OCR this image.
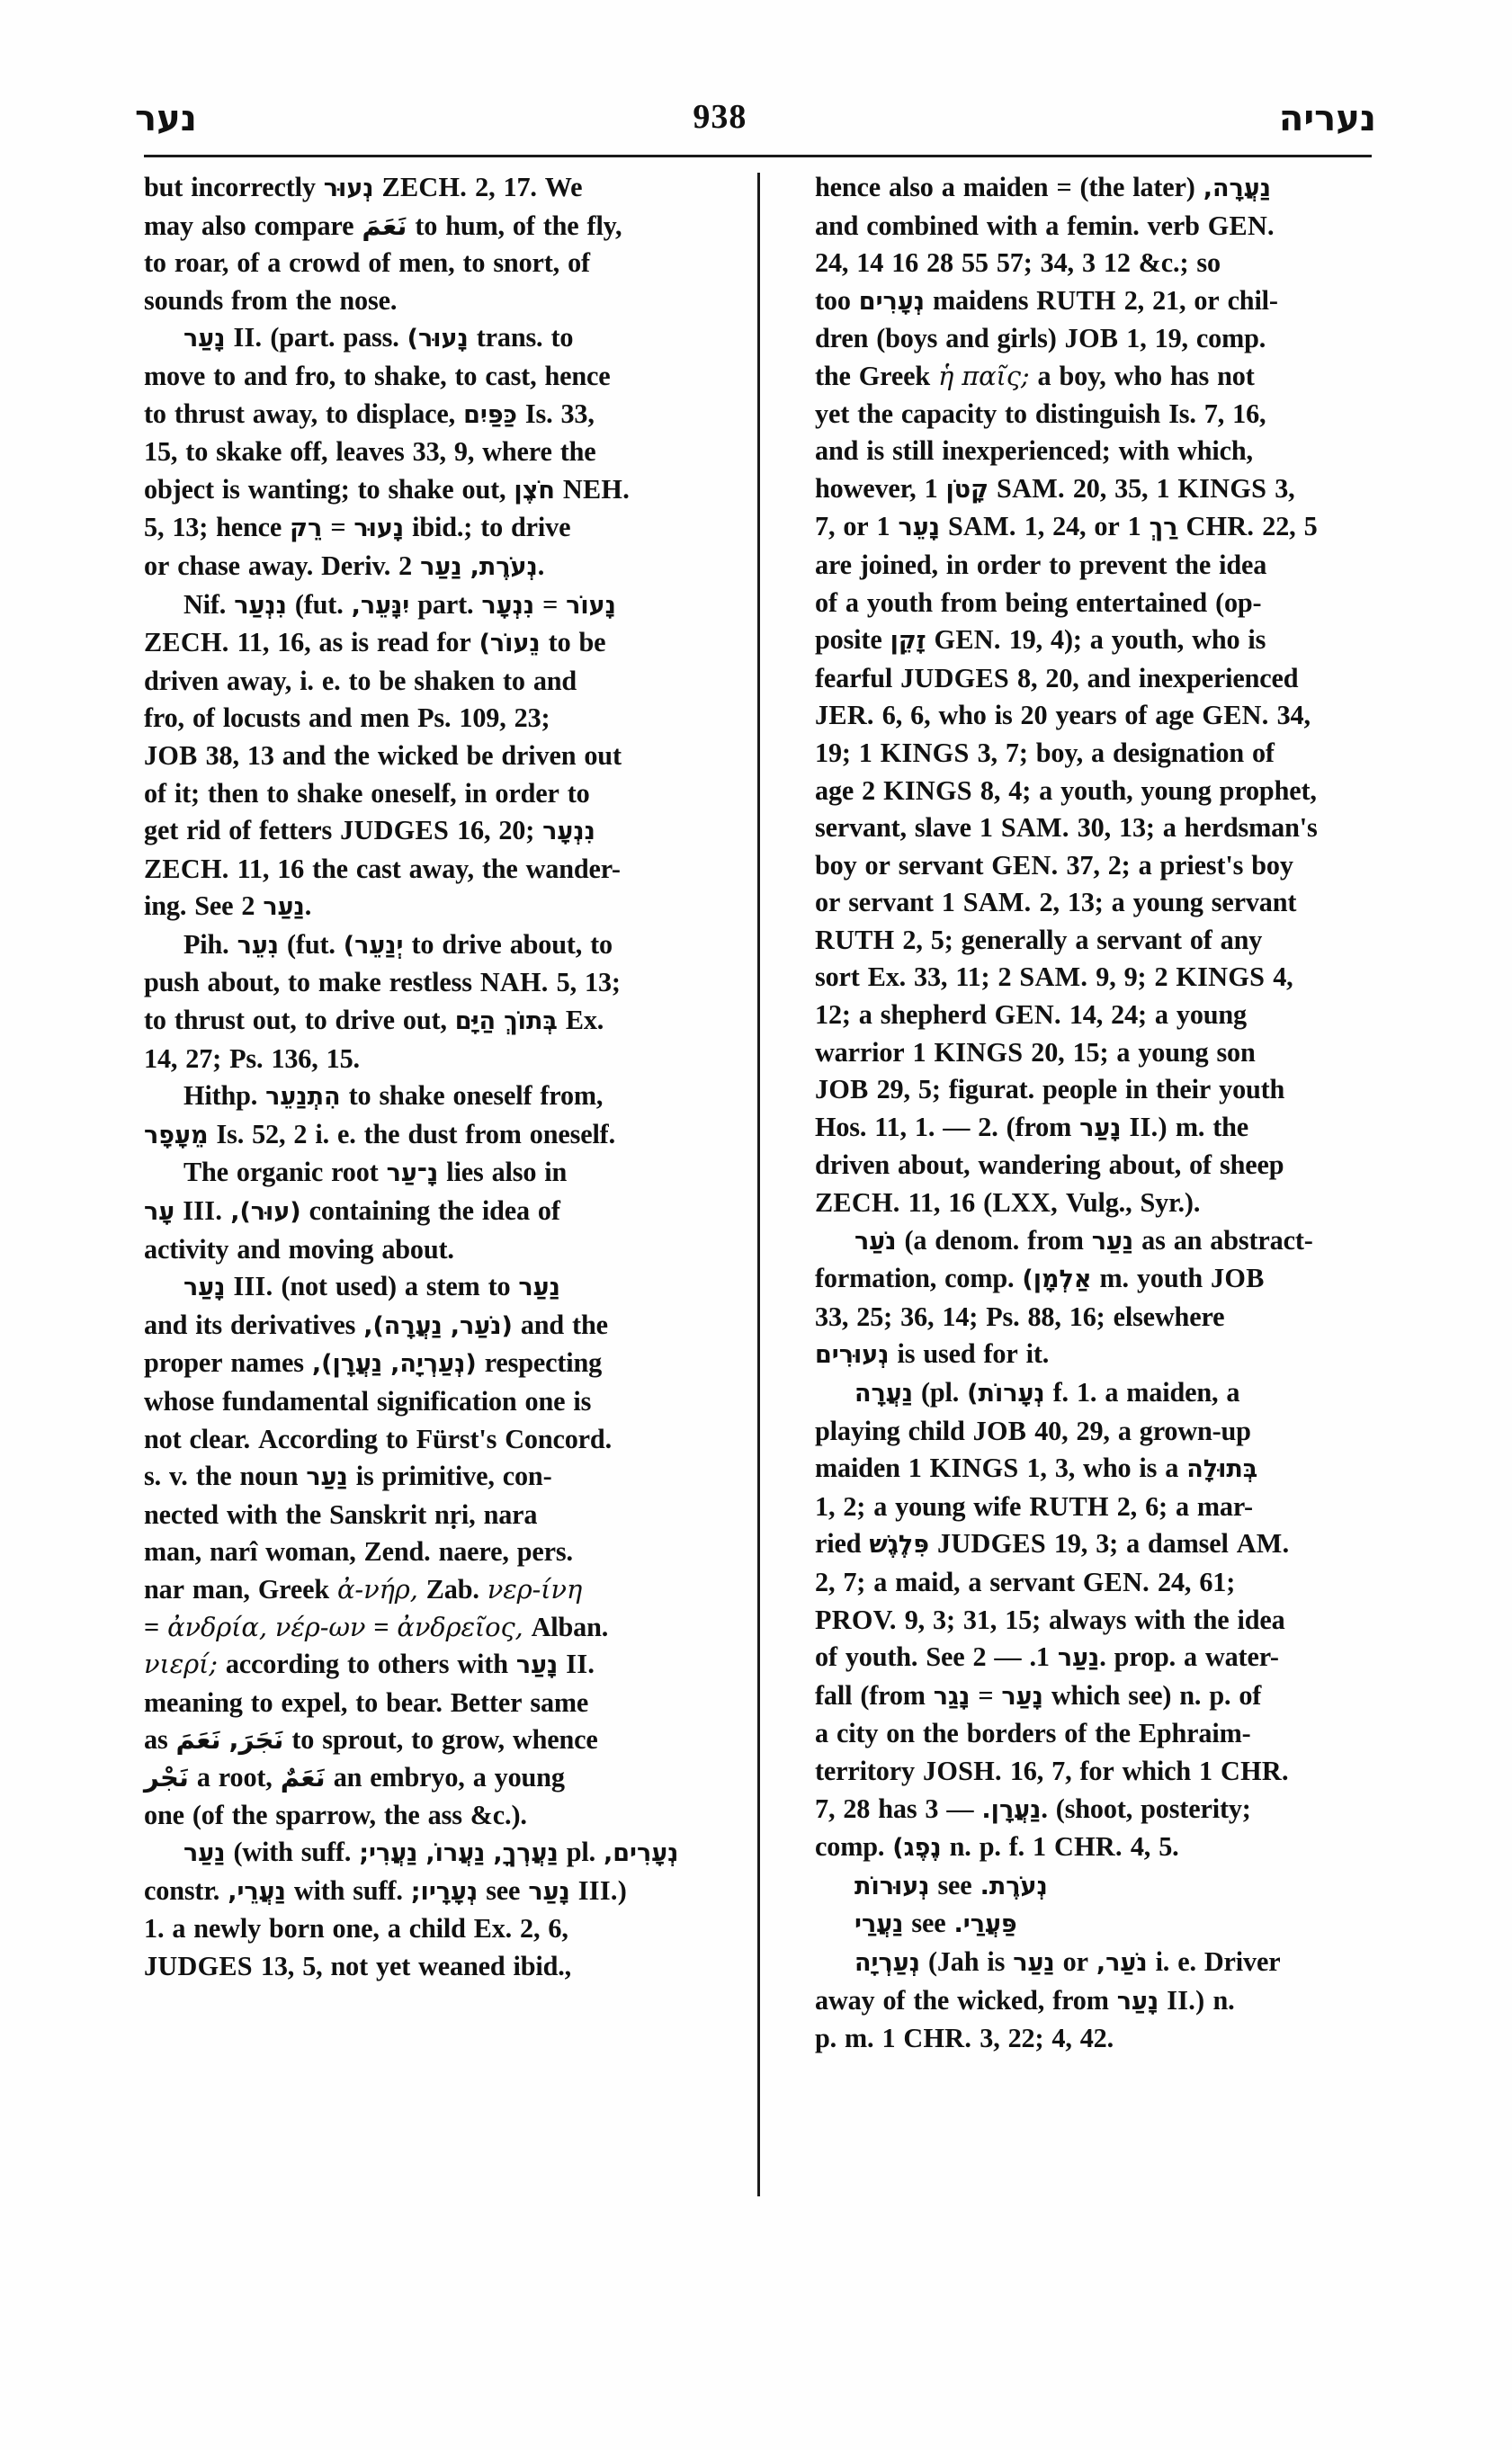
נער	938	נעריה

but incorrectly נְעוּר ZECH. 2, 17. We

may also compare نَعَمَ to hum, of the fly,

to roar, of a crowd of men, to snort, of

sounds from the nose.

נָעַר II. (part. pass. נָעוּר) trans. to

move to and fro, to shake, to cast, hence

to thrust away, to displace, כַּפַּיִם Is. 33,

15, to skake off, leaves 33, 9, where the

object is wanting; to shake out, חֹצֶן NEH.

5, 13; hence	נָעוּר=רֵק	ibid.; to drive

or chase away. Deriv.	נְעֹרֶת,נַעַר2.

Nif. נִנְעַר (fut. יִנָּעֵר, part.	נָעוֹר=נִנְעָר

ZECH. 11, 16, as is read for נֵעוֹר) to be

driven away, i. e. to be shaken to and

fro, of locusts and men Ps. 109, 23;

JOB 38, 13 and the wicked be driven out

of it; then to shake oneself, in order to

get rid of fetters JUDGES 16, 20; נִנְעָר

ZECH. 11, 16 the cast away, the wander-

ing. See נַעַר2.

Pih. נִעֵר (fut. יְנַעֵר) to drive about, to

push about, to make restless NAH. 5, 13;

to thrust out, to drive out, בְּתוֹךְהַיָּם	Ex.

14, 27; Ps. 136, 15.

Hithp. הִתְנַעֵר to shake oneself from,

מֵעָפָר Is. 52, 2 i. e. the dust from oneself.

The organic root נָ־עַר lies also in

עָר III. (עוּר), containing the idea of

activity and moving about.

נָעַר III. (not used) a stem to נַעַר

and its derivatives	(נֹעַר,נַעֲרָה),	and the

proper names	(נְעַרְיָה,נַעֲרָן),	respecting

whose fundamental signification one is

not clear. According to Fürst's Concord.

s. v. the noun נַעַר is primitive, con-

nected with the Sanskrit nṛi, nara

man, narî woman, Zend. naere, pers.

nar man, Greek ἀ-νήρ, Zab. νερ-ίνη

= ἀνδρία, νέρ-ων = ἀνδρεῖος, Alban.

νιερί; according to others with נָעַר II.

meaning to expel, to bear. Better same

as نَجَرَ,نَعَمَ	to sprout, to grow, whence

نَجْر a root, نَعَمٌ an embryo, a young

one (of the sparrow, the ass &c.).

נַעַר (with suff.	נַעֲרְךָ,נַעֲרוֹ,נַעֲרִי;	pl. נְעָרִים,

constr. נַעֲרֵי, with suff. נְעָרָיו; see נָעַר III.)

1. a newly born one, a child Ex. 2, 6,

JUDGES 13, 5, not yet weaned ibid.,

hence also a maiden = (the later) נַעֲרָה,

and combined with a femin. verb GEN.

24, 14 16 28 55 57; 34, 3 12 &c.; so

too נְעָרִים maidens RUTH 2, 21, or chil-

dren (boys and girls) JOB 1, 19, comp.

the Greek ἡ παῖς; a boy, who has not

yet the capacity to distinguish Is. 7, 16,

and is still inexperienced; with which,

however, קָטֹן1 SAM. 20, 35, 1 KINGS 3,

7, or נָעֵר1 SAM. 1, 24, or רַךְ1 CHR. 22, 5

are joined, in order to prevent the idea

of a youth from being entertained (op-

posite זָקֵן GEN. 19, 4); a youth, who is

fearful JUDGES 8, 20, and inexperienced

JER. 6, 6, who is 20 years of age GEN. 34,

19; 1 KINGS 3, 7; boy, a designation of

age 2 KINGS 8, 4; a youth, young prophet,

servant, slave 1 SAM. 30, 13; a herdsman's

boy or servant GEN. 37, 2; a priest's boy

or servant 1 SAM. 2, 13; a young servant

RUTH 2, 5; generally a servant of any

sort Ex. 33, 11; 2 SAM. 9, 9; 2 KINGS 4,

12; a shepherd GEN. 14, 24; a young

warrior 1 KINGS 20, 15; a young son

JOB 29, 5; figurat. people in their youth

Hos. 11, 1. — 2. (from נָעַר II.) m. the

driven about, wandering about, of sheep

ZECH. 11, 16 (LXX, Vulg., Syr.).

נֹעַר (a denom. from נַעַר as an abstract-

formation, comp. אַלְמָן) m. youth JOB

33, 25; 36, 14; Ps. 88, 16; elsewhere

נְעוּרִים is used for it.

נַעֲרָה (pl. נְעָרוֹת) f. 1. a maiden, a

playing child JOB 40, 29, a grown-up

maiden 1 KINGS 1, 3, who is a בְּתוּלָה

1, 2; a young wife RUTH 2, 6; a mar-

ried פִּלֶגֶשׁ JUDGES 19, 3; a damsel AM.

2, 7; a maid, a servant GEN. 24, 61;

PROV. 9, 3; 31, 15; always with the idea

of youth. See	נַעַר1.—2. prop. a water-

fall (from	נָעַר=נָגַר	which see) n. p. of

a city on the borders of the Ephraim-

territory JOSH. 16, 7, for which 1 CHR.

7, 28 has	נַעֲרָן.—3. (shoot, posterity;

comp. נֶפֶג) n. p. f. 1 CHR. 4, 5.

נְעוּרוֹת see נְעֹרֶת.

נַעֲרַי see פַּעֲרַי.

נְעַרְיָה (Jah is נַעַר or נֹעַר, i. e. Driver

away of the wicked, from נָעַר II.) n.

p. m. 1 CHR. 3, 22; 4, 42.
